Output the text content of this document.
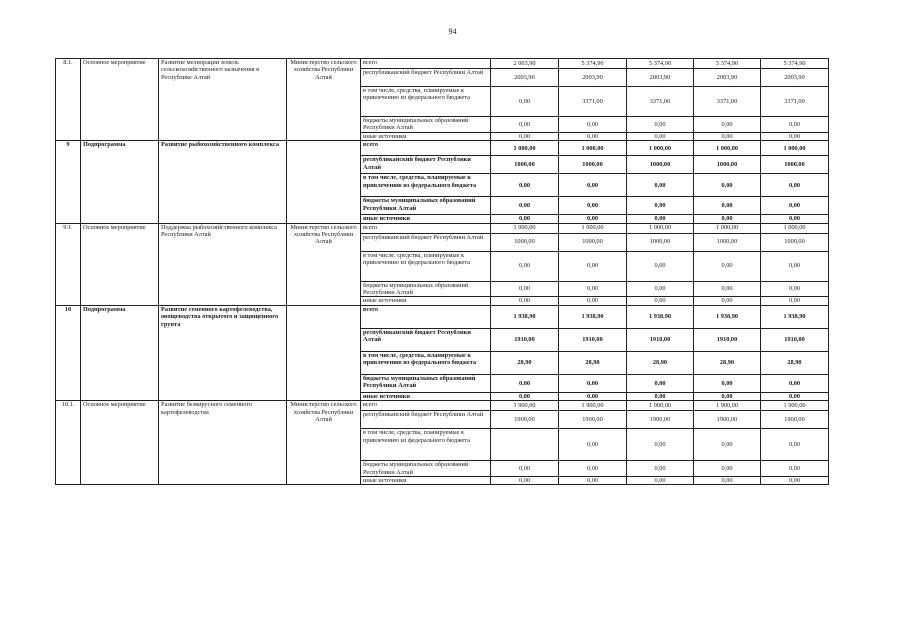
94
8.1.	Основное мероприятие	Развитие мелиорации земель сельскохозяйственного назначения в Республике Алтай	Министерство сельского хозяйства Республики Алтай	всего	2 003,90	5 374,90	5 374,90	5 374,90	5 374,90
				республиканский бюджет Республики Алтай	2003,90	2003,90	2003,90	2003,90	2003,90
				в том числе, средства, планируемые к привлечению из федерального бюджета	0,00	3371,00	3371,00	3371,00	3371,00
				бюджеты муниципальных образований Республики Алтай	0,00	0,00	0,00	0,00	0,00
				иные источники	0,00	0,00	0,00	0,00	0,00
9	Подпрограмма	Развитие рыбохозяйственного комплекса		всего	1 000,00	1 000,00	1 000,00	1 000,00	1 000,00
				республиканский бюджет Республики Алтай	1000,00	1000,00	1000,00	1000,00	1000,00
				в том числе, средства, планируемые к привлечению из федерального бюджета	0,00	0,00	0,00	0,00	0,00
				бюджеты муниципальных образований Республики Алтай	0,00	0,00	0,00	0,00	0,00
				иные источники	0,00	0,00	0,00	0,00	0,00
9.1.	Основное мероприятие	Поддержка рыбохозяйственного комплекса Республики Алтай	Министерство сельского хозяйства Республики Алтай	всего	1 000,00	1 000,00	1 000,00	1 000,00	1 000,00
				республиканский бюджет Республики Алтай	1000,00	1000,00	1000,00	1000,00	1000,00
				в том числе, средства, планируемые к привлечению из федерального бюджета	0,00	0,00	0,00	0,00	0,00
				бюджеты муниципальных образований Республики Алтай	0,00	0,00	0,00	0,00	0,00
				иные источники	0,00	0,00	0,00	0,00	0,00
10	Подпрограмма	Развитие семенного картофелеводства, овощеводства открытого и защищенного грунта		всего	1 938,90	1 938,90	1 938,90	1 938,90	1 938,90
				республиканский бюджет Республики Алтай	1910,00	1910,00	1910,00	1910,00	1910,00
				в том числе, средства, планируемые к привлечению из федерального бюджета	28,90	28,90	28,90	28,90	28,90
				бюджеты муниципальных образований Республики Алтай	0,00	0,00	0,00	0,00	0,00
				иные источники	0,00	0,00	0,00	0,00	0,00
10.1.	Основное мероприятие	Развитие безвирусного семенного картофелеводства	Министерство сельского хозяйства Республики Алтай	всего	1 900,00	1 900,00	1 900,00	1 900,00	1 900,00
				республиканский бюджет Республики Алтай	1900,00	1900,00	1900,00	1900,00	1900,00
				в том числе, средства, планируемые к привлечению из федерального бюджета		0,00	0,00	0,00	0,00
				бюджеты муниципальных образований Республики Алтай	0,00	0,00	0,00	0,00	0,00
				иные источники	0,00	0,00	0,00	0,00	0,00
